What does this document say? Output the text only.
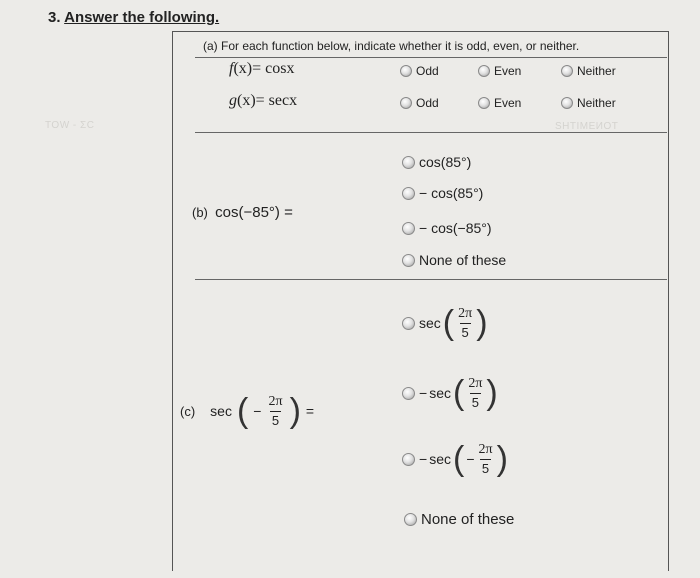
3. Answer the following.
ΤΟW - ΣС	SHTIMEИOT
(a) For each function below, indicate whether it is odd, even, or neither.
f(x)= cosx	Odd	Even	Neither
g(x)= secx	Odd	Even	Neither
(b) cos(−85°) =
cos(85°)
− cos(85°)
− cos(−85°)
None of these
(c) sec ( − $\frac{2\pi}{5}$ ) =
sec ( $\frac{2\pi}{5}$ )
− sec ( $\frac{2\pi}{5}$ )
− sec ( − $\frac{2\pi}{5}$ )
None of these
